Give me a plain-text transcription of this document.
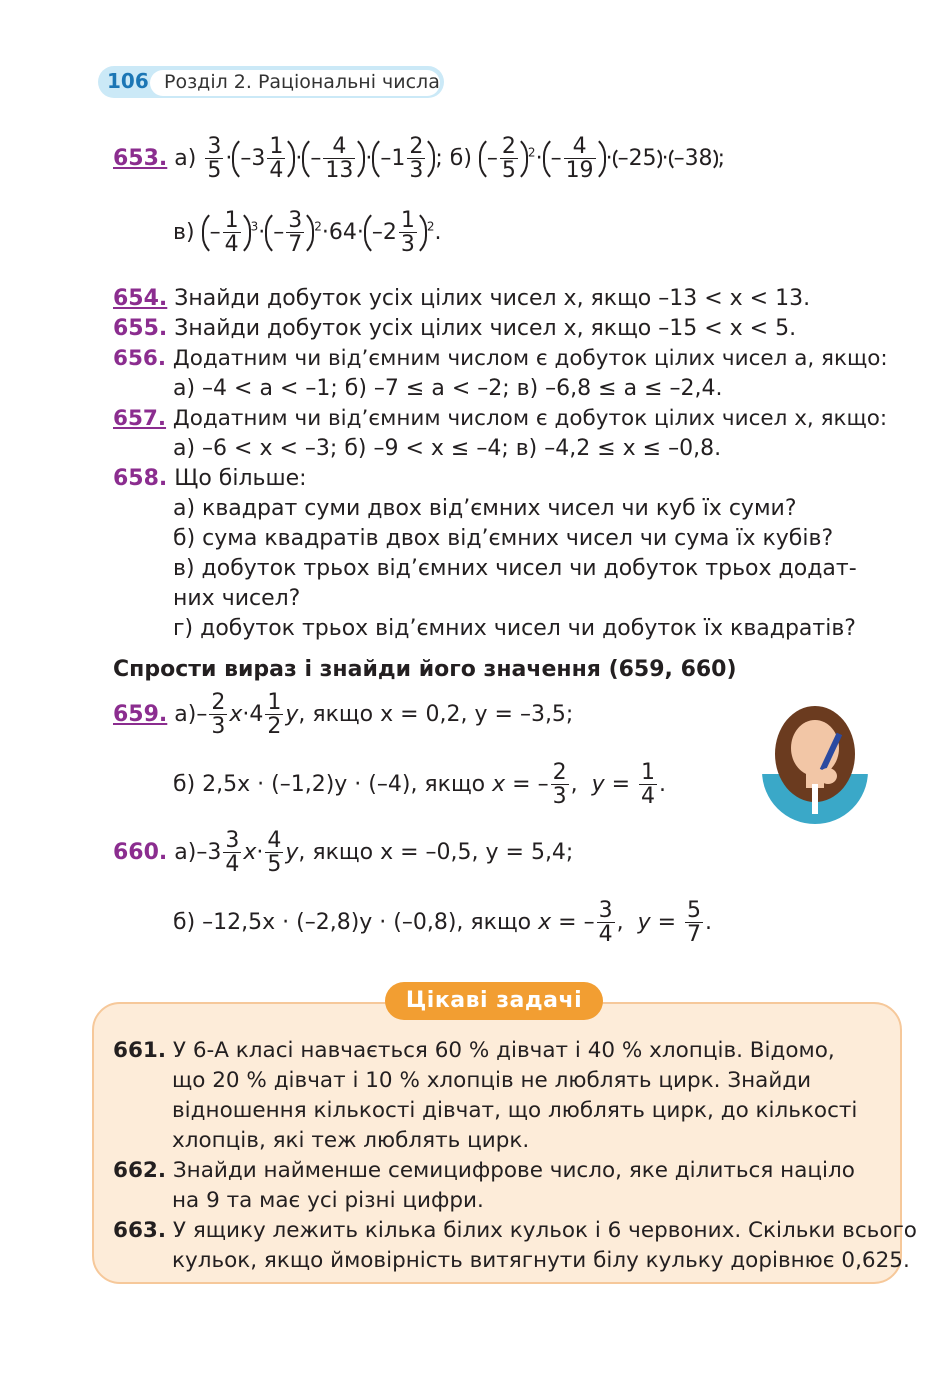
106 Розділ 2. Раціональні числа
653. $а) \frac{3}{5} \cdot -3 \frac{1}{4}$ · – $\frac{4}{13} \cdot -1 \frac{2}{3}$ ; $б) - \frac{2}{5} ^2\cdot - \frac{4}{19} \cdot -25 \cdot -38$ ;
$в) - \frac{1}{4} ^3\cdot - \frac{3}{7} ^2\cdot 64\cdot -2 \frac{1}{3} ^2$.
654. Знайди добуток усіх цілих чисел x, якщо –13 < x < 13.
655. Знайди добуток усіх цілих чисел x, якщо –15 < x < 5.
656. Додатним чи від’ємним числом є добуток цілих чисел a, якщо:
а) –4 < a < –1; б) –7 ≤ a < –2; в) –6,8 ≤ a ≤ –2,4.
657. Додатним чи від’ємним числом є добуток цілих чисел x, якщо:
а) –6 < x < –3; б) –9 < x ≤ –4; в) –4,2 ≤ x ≤ –0,8.
658. Що більше:
а) квадрат суми двох від’ємних чисел чи куб їх суми?
б) сума квадратів двох від’ємних чисел чи сума їх кубів?
в) добуток трьох від’ємних чисел чи добуток трьох додат-
них чисел?
г) добуток трьох від’ємних чисел чи добуток їх квадратів?
Спрости вираз і знайди його значення (659, 660)
659. $а)- \frac{2}{3} x\cdot 4 \frac{1}{2} y$, якщо x = 0,2, y = –3,5;
б) 2,5x · (–1,2)y · (–4), якщо x = – $\frac{2}{3}$ ,  $y = \frac{1}{4}$ .
660. $а)-3 \frac{3}{4} x\cdot \frac{4}{5} y$, якщо x = –0,5, y = 5,4;
б) –12,5x · (–2,8)y · (–0,8), якщо x = – $\frac{3}{4}$ ,  $y = \frac{5}{7}$ .
Цікаві задачі
661. У 6-А класі навчається 60 % дівчат і 40 % хлопців. Відомо,
що 20 % дівчат і 10 % хлопців не люблять цирк. Знайди
відношення кількості дівчат, що люблять цирк, до кількості
хлопців, які теж люблять цирк.
662. Знайди найменше семицифрове число, яке ділиться націло
на 9 та має усі різні цифри.
663. У ящику лежить кілька білих кульок і 6 червоних. Скільки всього
кульок, якщо ймовірність витягнути білу кульку дорівнює 0,625.
